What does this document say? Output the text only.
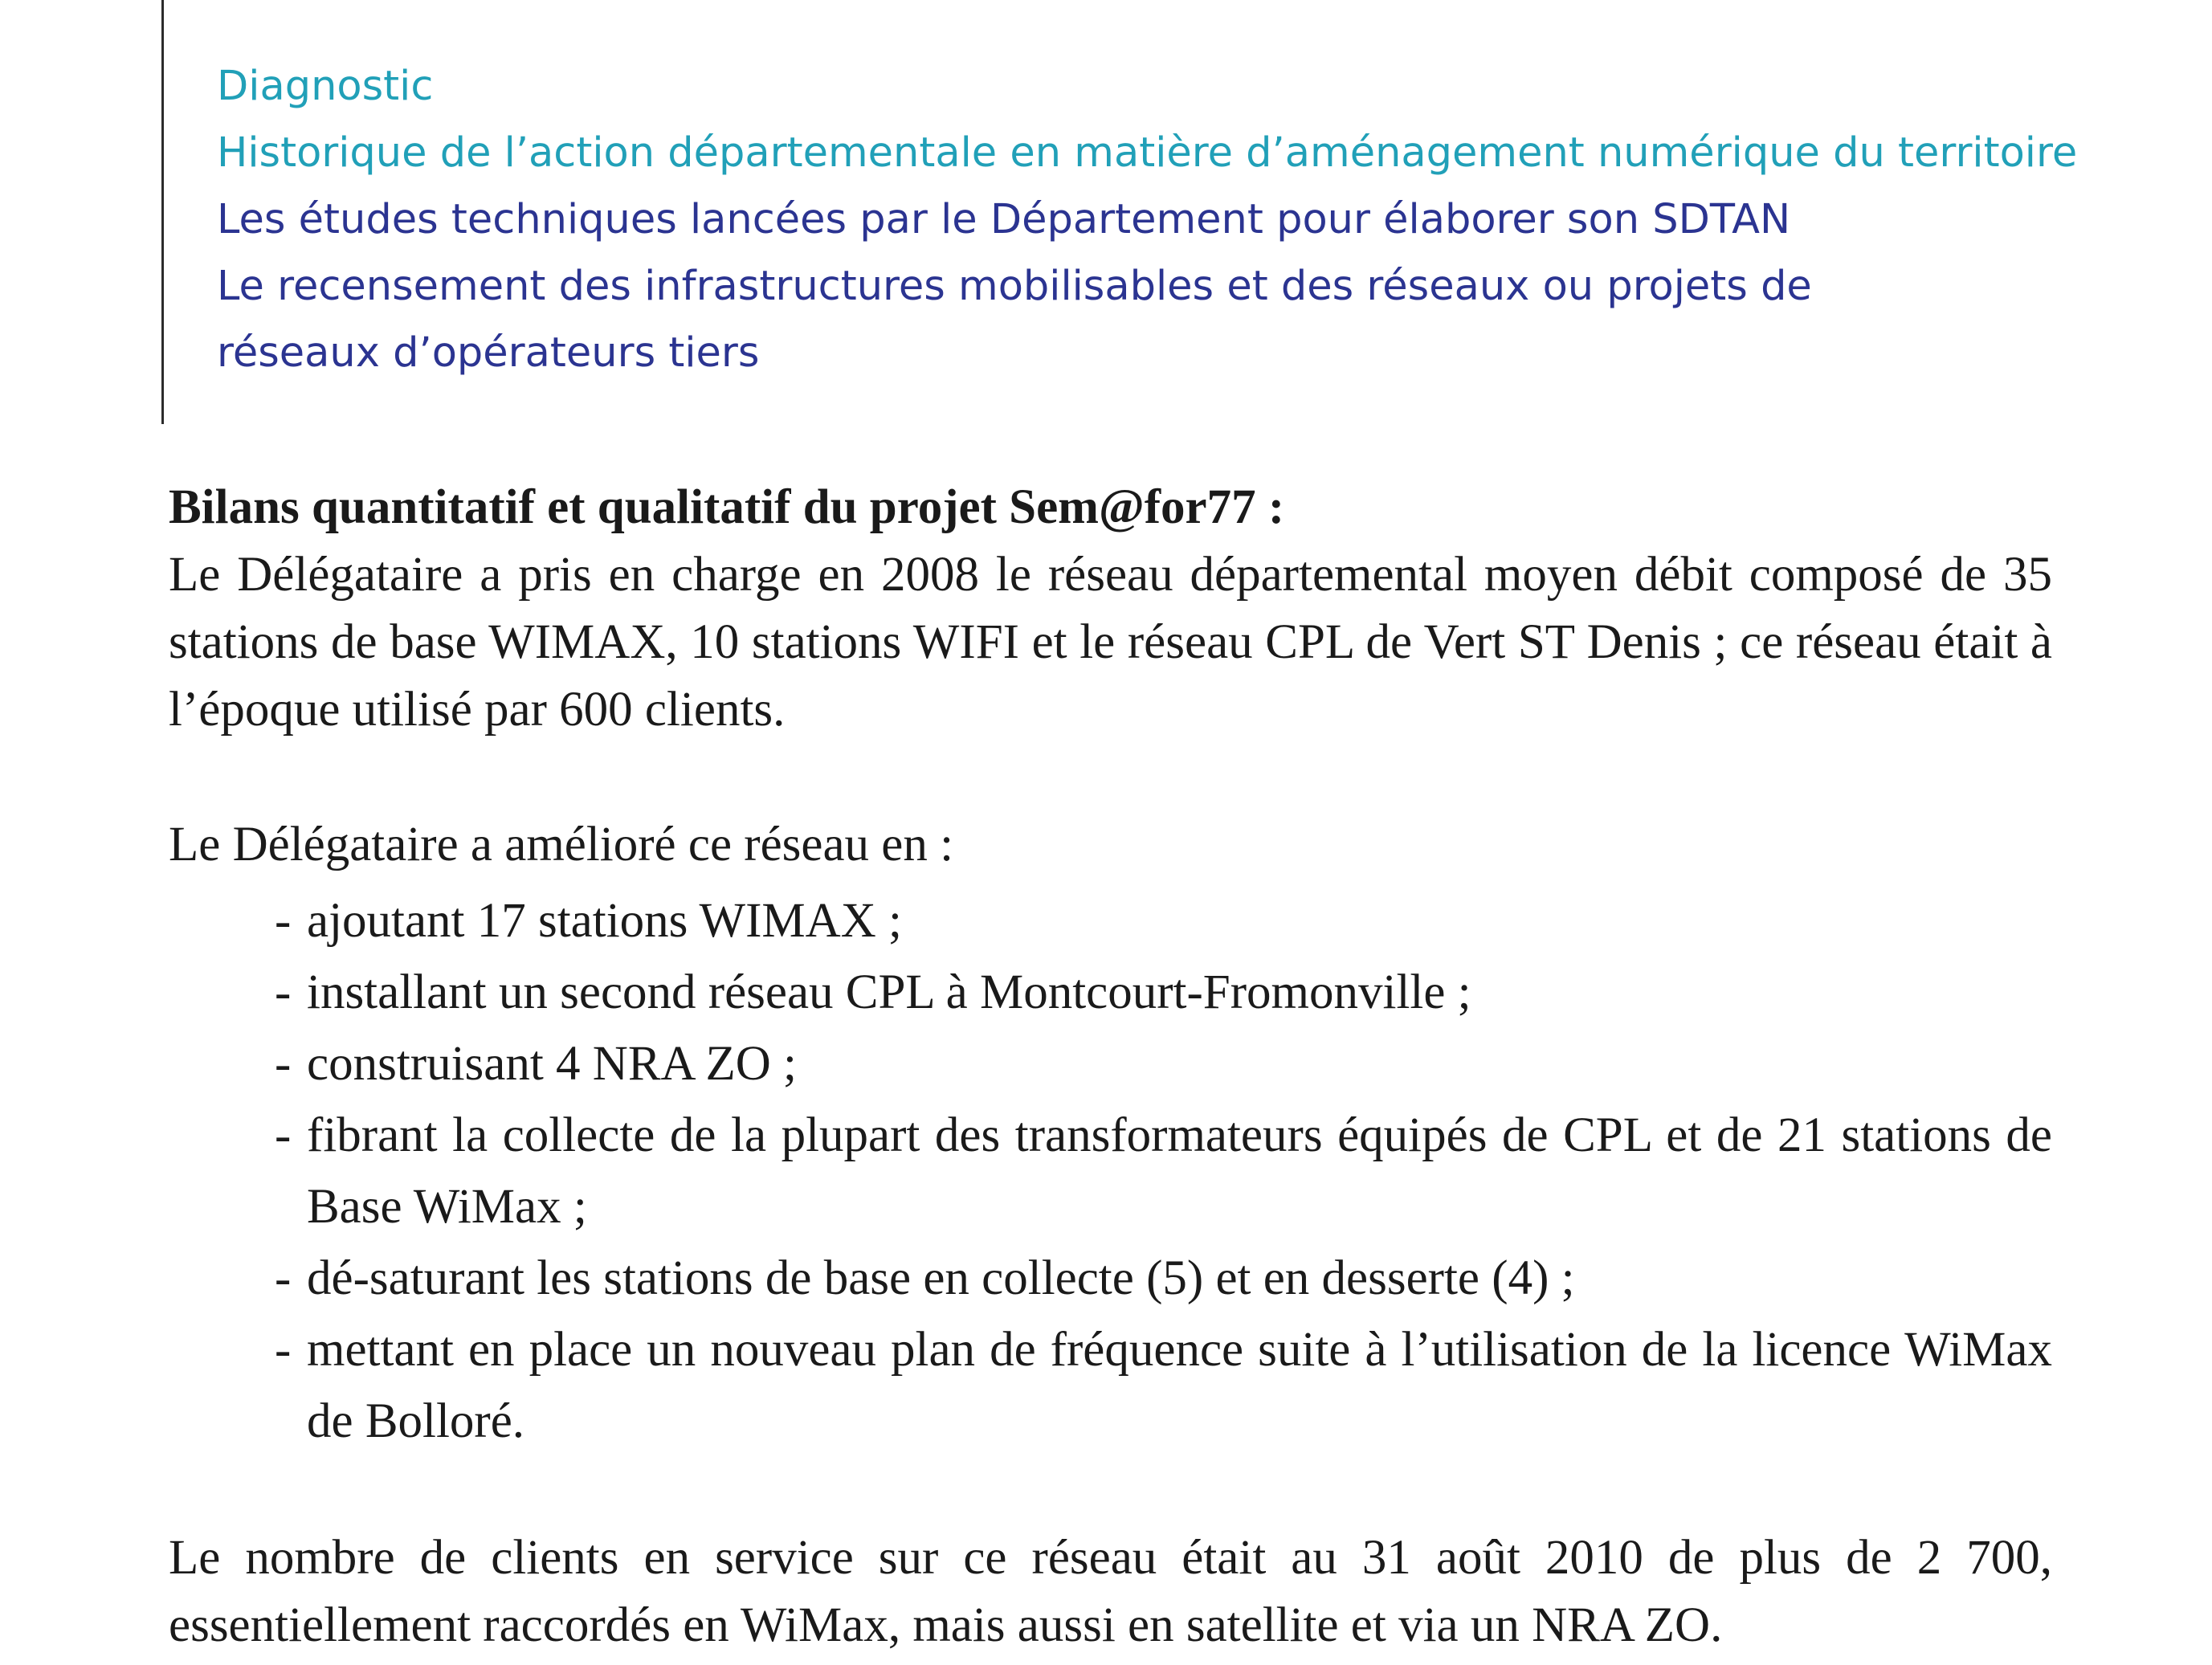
Diagnostic
Historique de l’action départementale en matière d’aménagement numérique du territoire
Les études techniques lancées par le Département pour élaborer son SDTAN
Le recensement des infrastructures mobilisables et des réseaux ou projets de
réseaux d’opérateurs tiers
Bilans quantitatif et qualitatif du projet Sem@for77 :
Le Délégataire a pris en charge en 2008 le réseau départemental moyen débit composé de 35 stations de base WIMAX, 10 stations WIFI et le réseau CPL de Vert ST Denis ; ce réseau était à l’époque utilisé par 600 clients.
Le Délégataire a amélioré ce réseau en :
- ajoutant 17 stations WIMAX ;
- installant un second réseau CPL à Montcourt-Fromonville ;
- construisant 4 NRA ZO ;
- fibrant la collecte de la plupart des transformateurs équipés de CPL et de 21 stations de Base WiMax ;
- dé-saturant les stations de base en collecte (5) et en desserte (4) ;
- mettant en place un nouveau plan de fréquence suite à l’utilisation de la licence WiMax de Bolloré.
Le nombre de clients en service sur ce réseau était au 31 août 2010 de plus de 2 700, essentiellement raccordés en WiMax, mais aussi en satellite et via un NRA ZO.
